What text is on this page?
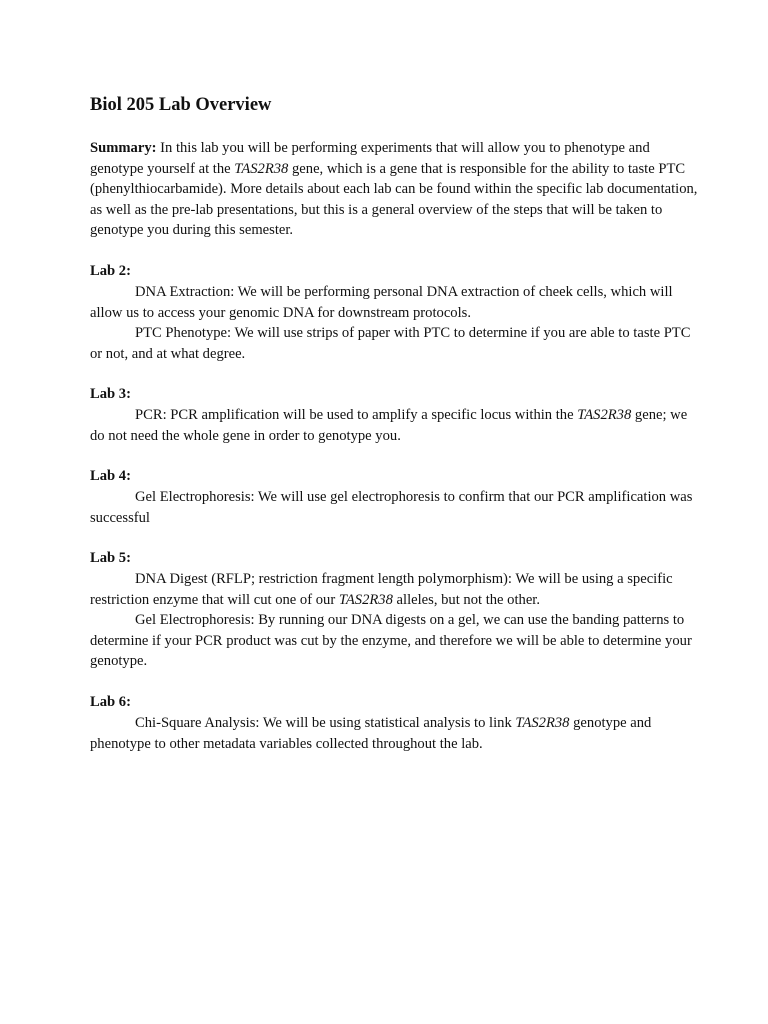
Biol 205 Lab Overview

Summary: In this lab you will be performing experiments that will allow you to phenotype and genotype yourself at the TAS2R38 gene, which is a gene that is responsible for the ability to taste PTC (phenylthiocarbamide). More details about each lab can be found within the specific lab documentation, as well as the pre-lab presentations, but this is a general overview of the steps that will be taken to genotype you during this semester.

Lab 2:

DNA Extraction: We will be performing personal DNA extraction of cheek cells, which will allow us to access your genomic DNA for downstream protocols.

PTC Phenotype: We will use strips of paper with PTC to determine if you are able to taste PTC or not, and at what degree.

Lab 3:

PCR: PCR amplification will be used to amplify a specific locus within the TAS2R38 gene; we do not need the whole gene in order to genotype you.

Lab 4:

Gel Electrophoresis: We will use gel electrophoresis to confirm that our PCR amplification was successful

Lab 5:

DNA Digest (RFLP; restriction fragment length polymorphism): We will be using a specific restriction enzyme that will cut one of our TAS2R38 alleles, but not the other.

Gel Electrophoresis: By running our DNA digests on a gel, we can use the banding patterns to determine if your PCR product was cut by the enzyme, and therefore we will be able to determine your genotype.

Lab 6:

Chi-Square Analysis: We will be using statistical analysis to link TAS2R38 genotype and phenotype to other metadata variables collected throughout the lab.
